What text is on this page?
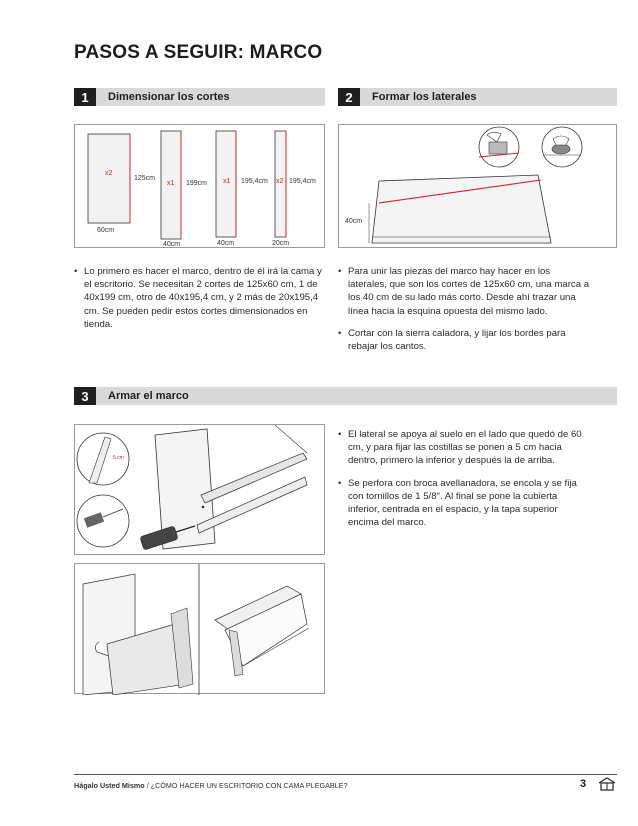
PASOS A SEGUIR: MARCO
1	Dimensionar los cortes	2	Formar los laterales
x2
125cm
60cm
x1 199cm
40cm
x1 195,4cm
40cm
x2 195,4cm
20cm
40cm
• Lo primero es hacer el marco, dentro de él irá la cama y el escritorio. Se necesitan 2 cortes de 125x60 cm, 1 de 40x199 cm, otro de 40x195,4 cm, y 2 más de 20x195,4 cm. Se pueden pedir estos cortes dimensionados en tienda.
• Para unir las piezas del marco hay hacer en los laterales, que son los cortes de 125x60 cm, una marca a los 40 cm de su lado más corto. Desde ahí trazar una línea hacia la esquina opuesta del mismo lado.
• Cortar con la sierra caladora, y lijar los bordes para rebajar los cantos.
3	Armar el marco
5 cm
• El lateral se apoya al suelo en el lado que quedó de 60 cm, y para fijar las costillas se ponen a 5 cm hacia dentro, primero la inferior y después la de arriba.
• Se perfora con broca avellanadora, se encola y se fija con tornillos de 1 5/8". Al final se pone la cubierta inferior, centrada en el espacio, y la tapa superior encima del marco.
Hágalo Usted Mismo / ¿CÓMO HACER UN ESCRITORIO CON CAMA PLEGABLE?	3
